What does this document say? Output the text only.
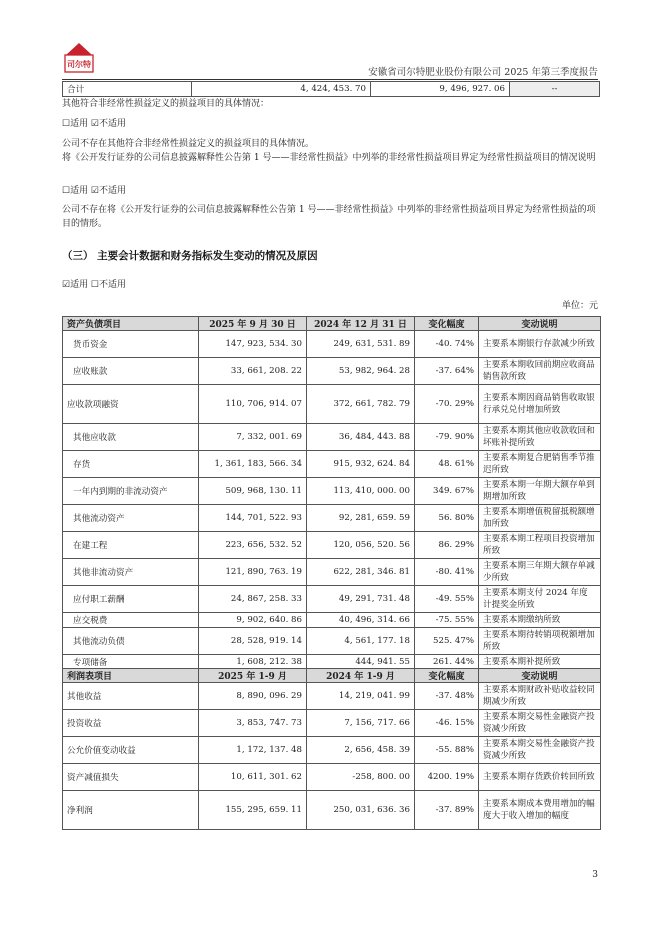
司尔特
安徽省司尔特肥业股份有限公司 2025 年第三季度报告
合计	4, 424, 453. 70	9, 496, 927. 06	--
其他符合非经常性损益定义的损益项目的具体情况：
☐适用 ☑不适用
公司不存在其他符合非经常性损益定义的损益项目的具体情况。
将《公开发行证券的公司信息披露解释性公告第 1 号——非经常性损益》中列举的非经常性损益项目界定为经常性损益项目的情况说明
☐适用 ☑不适用
公司不存在将《公开发行证券的公司信息披露解释性公告第 1 号——非经常性损益》中列举的非经常性损益项目界定为经常性损益的项目的情形。
（三） 主要会计数据和财务指标发生变动的情况及原因
☑适用 ☐不适用
单位：元
资产负债项目	2025 年 9 月 30 日	2024 年 12 月 31 日	变化幅度	变动说明
货币资金	147, 923, 534. 30	249, 631, 531. 89	-40. 74%	主要系本期银行存款减少所致
应收账款	33, 661, 208. 22	53, 982, 964. 28	-37. 64%	主要系本期收回前期应收商品销售款所致
应收款项融资	110, 706, 914. 07	372, 661, 782. 79	-70. 29%	主要系本期因商品销售收取银行承兑兑付增加所致
其他应收款	7, 332, 001. 69	36, 484, 443. 88	-79. 90%	主要系本期其他应收款收回和坏账补提所致
存货	1, 361, 183, 566. 34	915, 932, 624. 84	48. 61%	主要系本期复合肥销售季节推迟所致
一年内到期的非流动资产	509, 968, 130. 11	113, 410, 000. 00	349. 67%	主要系本期一年期大额存单到期增加所致
其他流动资产	144, 701, 522. 93	92, 281, 659. 59	56. 80%	主要系本期增值税留抵税额增加所致
在建工程	223, 656, 532. 52	120, 056, 520. 56	86. 29%	主要系本期工程项目投资增加所致
其他非流动资产	121, 890, 763. 19	622, 281, 346. 81	-80. 41%	主要系本期三年期大额存单减少所致
应付职工薪酬	24, 867, 258. 33	49, 291, 731. 48	-49. 55%	主要系本期支付 2024 年度计提奖金所致
应交税费	9, 902, 640. 86	40, 496, 314. 66	-75. 55%	主要系本期缴纳所致
其他流动负债	28, 528, 919. 14	4, 561, 177. 18	525. 47%	主要系本期待转销项税额增加所致
专项储备	1, 608, 212. 38	444, 941. 55	261. 44%	主要系本期补提所致
利润表项目	2025 年 1-9 月	2024 年 1-9 月	变化幅度	变动说明
其他收益	8, 890, 096. 29	14, 219, 041. 99	-37. 48%	主要系本期财政补贴收益较同期减少所致
投资收益	3, 853, 747. 73	7, 156, 717. 66	-46. 15%	主要系本期交易性金融资产投资减少所致
公允价值变动收益	1, 172, 137. 48	2, 656, 458. 39	-55. 88%	主要系本期交易性金融资产投资减少所致
资产减值损失	10, 611, 301. 62	-258, 800. 00	4200. 19%	主要系本期存货跌价转回所致
净利润	155, 295, 659. 11	250, 031, 636. 36	-37. 89%	主要系本期成本费用增加的幅度大于收入增加的幅度
3
